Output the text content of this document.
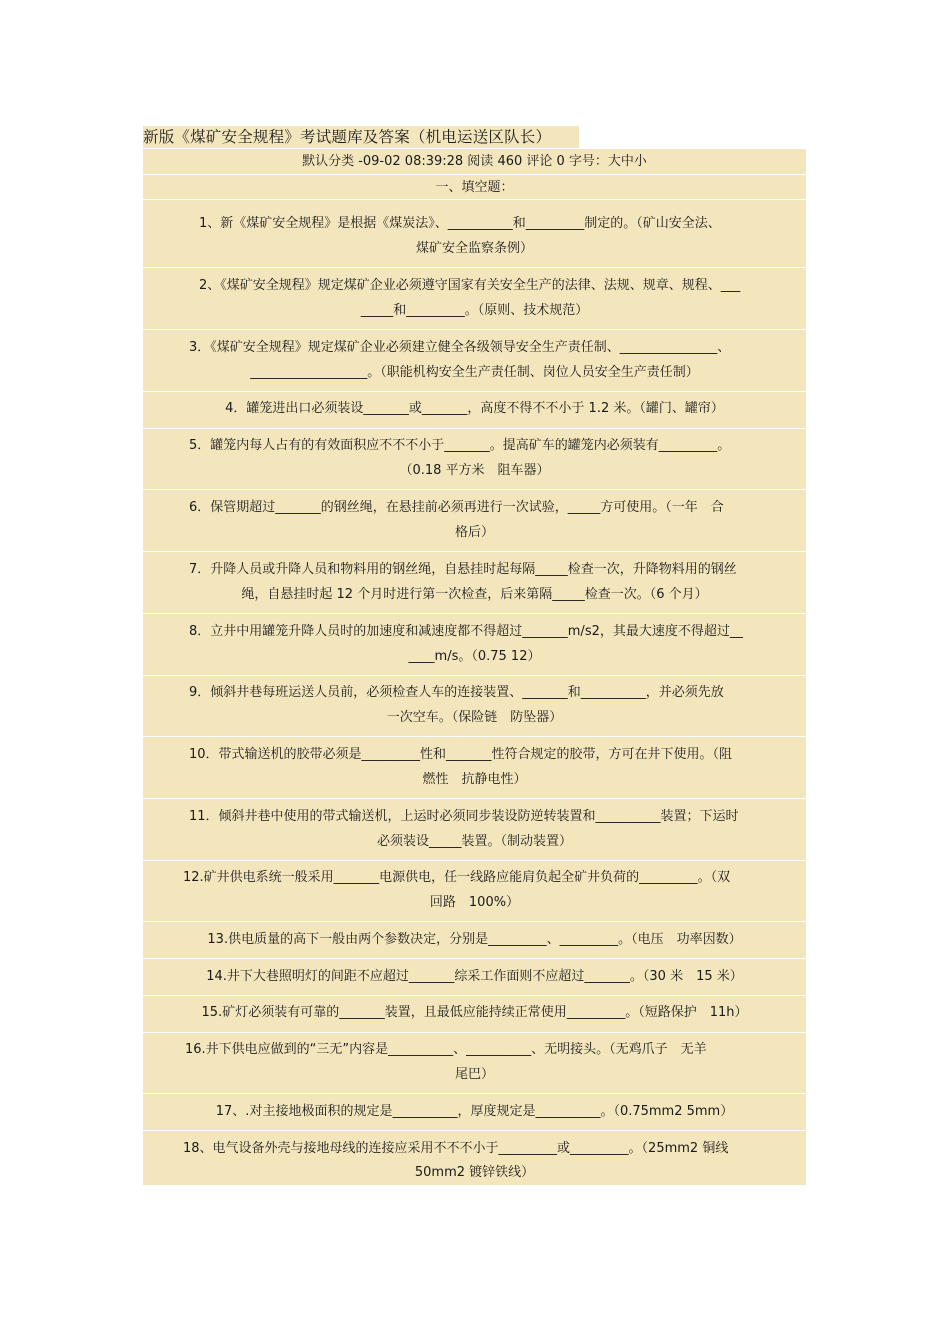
新版《煤矿安全规程》考试题库及答案（机电运送区队长）
默认分类 -09-02 08:39:28 阅读 460 评论 0 字号：大中小
一、填空题：
1、新《煤矿安全规程》是根据《煤炭法》、__________和_________制定的。（矿山安全法、
煤矿安全监察条例）
2、《煤矿安全规程》规定煤矿企业必须遵守国家有关安全生产的法律、法规、规章、规程、___
_____和_________。（原则、技术规范）
3．《煤矿安全规程》规定煤矿企业必须建立健全各级领导安全生产责任制、_______________、
__________________。（职能机构安全生产责任制、岗位人员安全生产责任制）
4．罐笼进出口必须装设_______或_______，高度不得不不小于 1.2 米。（罐门、罐帘）
5．罐笼内每人占有的有效面积应不不不小于_______。提高矿车的罐笼内必须装有_________。
（0.18 平方米　阻车器）
6．保管期超过_______的钢丝绳，在悬挂前必须再进行一次试验，_____方可使用。（一年　合
格后）
7．升降人员或升降人员和物料用的钢丝绳，自悬挂时起每隔_____检查一次，升降物料用的钢丝
绳，自悬挂时起 12 个月时进行第一次检查，后来第隔_____检查一次。（6 个月）
8．立井中用罐笼升降人员时的加速度和减速度都不得超过_______m/s2，其最大速度不得超过__
____m/s。（0.75 12）
9．倾斜井巷每班运送人员前，必须检查人车的连接装置、_______和__________，并必须先放
一次空车。（保险链　防坠器）
10．带式输送机的胶带必须是_________性和_______性符合规定的胶带，方可在井下使用。（阻
燃性　抗静电性）
11．倾斜井巷中使用的带式输送机，上运时必须同步装设防逆转装置和__________装置；下运时
必须装设_____装置。（制动装置）
12.矿井供电系统一般采用_______电源供电，任一线路应能肩负起全矿井负荷的_________。（双
回路　100%）
13.供电质量的高下一般由两个参数决定，分别是_________、_________。（电压　功率因数）
14.井下大巷照明灯的间距不应超过_______综采工作面则不应超过_______。（30 米　15 米）
15.矿灯必须装有可靠的_______装置，且最低应能持续正常使用_________。（短路保护　11h）
16.井下供电应做到的“三无”内容是__________、__________、无明接头。（无鸡爪子　无羊
尾巴）
17、.对主接地极面积的规定是__________，厚度规定是__________。（0.75mm2 5mm）
18、电气设备外壳与接地母线的连接应采用不不不小于_________或_________。（25mm2 铜线
50mm2 镀锌铁线）
